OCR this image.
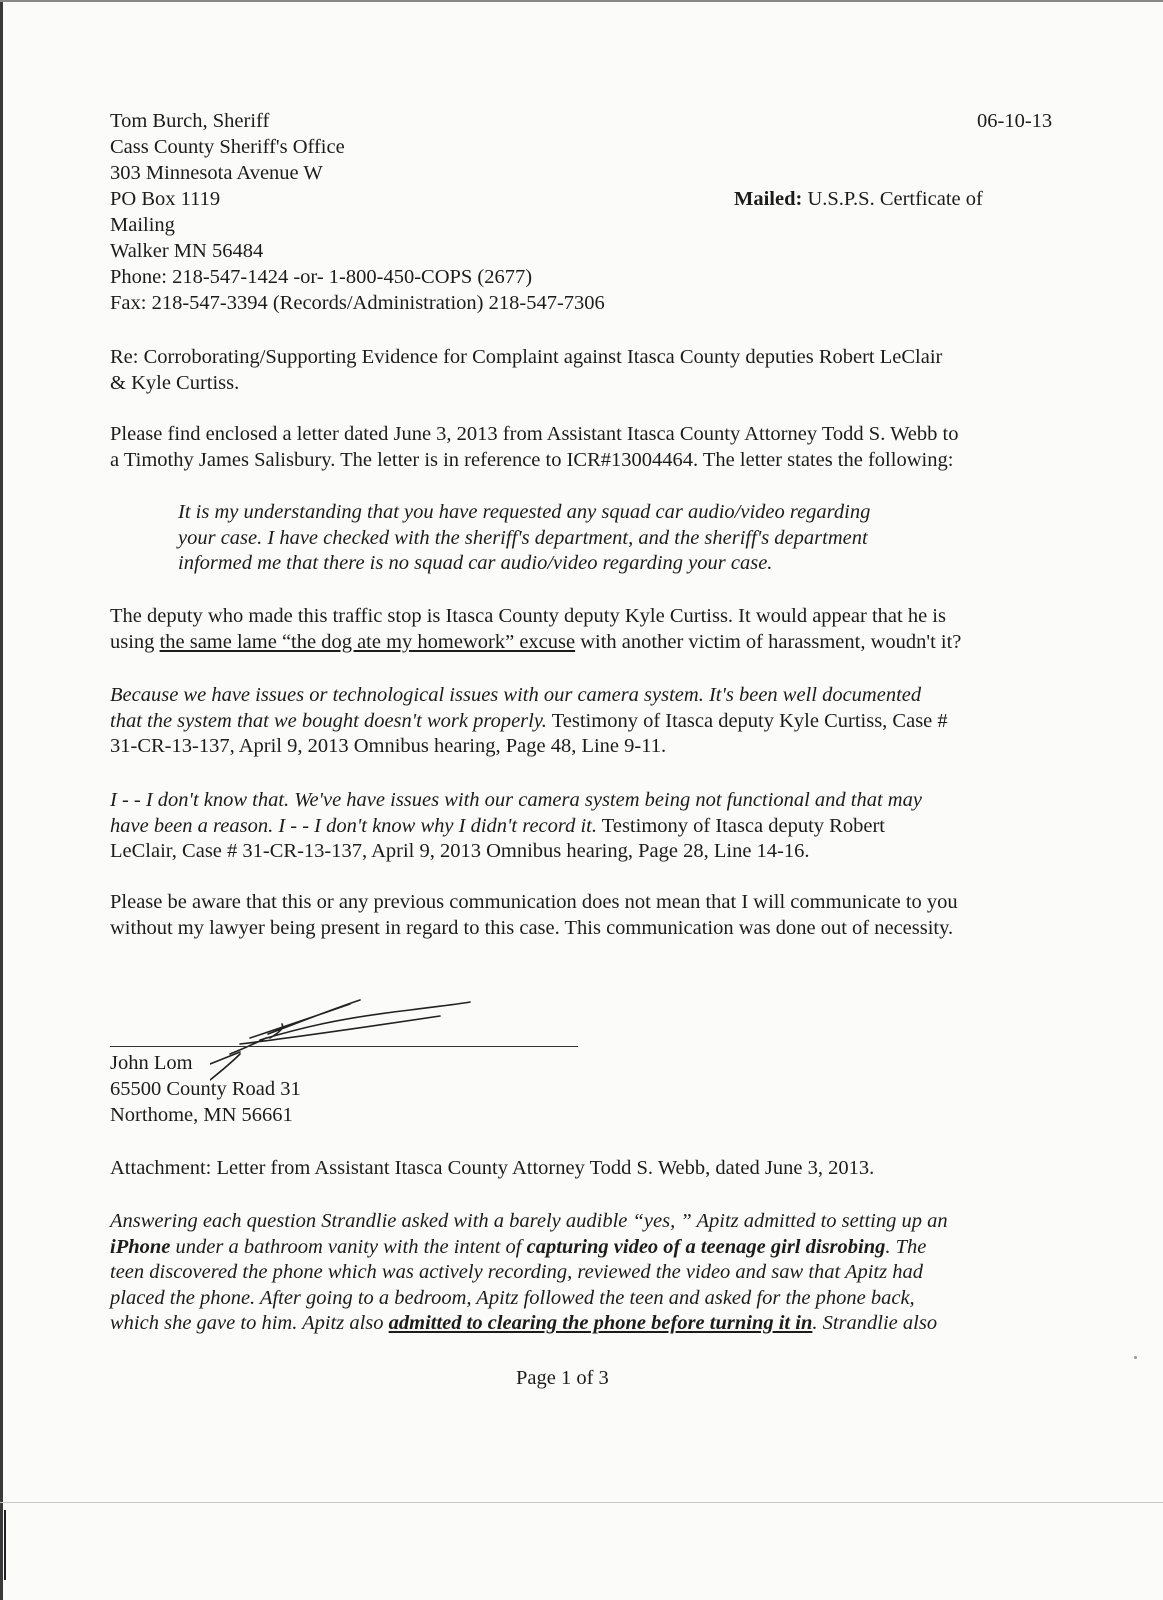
Tom Burch, Sheriff
Cass County Sheriff's Office
303 Minnesota Avenue W
PO Box 1119
Mailing
Walker MN 56484
Phone: 218-547-1424 -or- 1-800-450-COPS (2677)
Fax: 218-547-3394 (Records/Administration) 218-547-7306
06-10-13
Mailed: U.S.P.S. Certficate of
Re: Corroborating/Supporting Evidence for Complaint against Itasca County deputies Robert LeClair
& Kyle Curtiss.
Please find enclosed a letter dated June 3, 2013 from Assistant Itasca County Attorney Todd S. Webb to
a Timothy James Salisbury. The letter is in reference to ICR#13004464. The letter states the following:
It is my understanding that you have requested any squad car audio/video regarding
your case. I have checked with the sheriff's department, and the sheriff's department
informed me that there is no squad car audio/video regarding your case.
The deputy who made this traffic stop is Itasca County deputy Kyle Curtiss. It would appear that he is
using the same lame “the dog ate my homework” excuse with another victim of harassment, woudn't it?
Because we have issues or technological issues with our camera system. It's been well documented
that the system that we bought doesn't work properly. Testimony of Itasca deputy Kyle Curtiss, Case #
31-CR-13-137, April 9, 2013 Omnibus hearing, Page 48, Line 9-11.
I - - I don't know that. We've have issues with our camera system being not functional and that may
have been a reason. I - - I don't know why I didn't record it. Testimony of Itasca deputy Robert
LeClair, Case # 31-CR-13-137, April 9, 2013 Omnibus hearing, Page 28, Line 14-16.
Please be aware that this or any previous communication does not mean that I will communicate to you
without my lawyer being present in regard to this case. This communication was done out of necessity.
John Lom
65500 County Road 31
Northome, MN 56661
Attachment: Letter from Assistant Itasca County Attorney Todd S. Webb, dated June 3, 2013.
Answering each question Strandlie asked with a barely audible “yes, ” Apitz admitted to setting up an
iPhone under a bathroom vanity with the intent of capturing video of a teenage girl disrobing. The
teen discovered the phone which was actively recording, reviewed the video and saw that Apitz had
placed the phone. After going to a bedroom, Apitz followed the teen and asked for the phone back,
which she gave to him. Apitz also admitted to clearing the phone before turning it in. Strandlie also
Page 1 of 3
